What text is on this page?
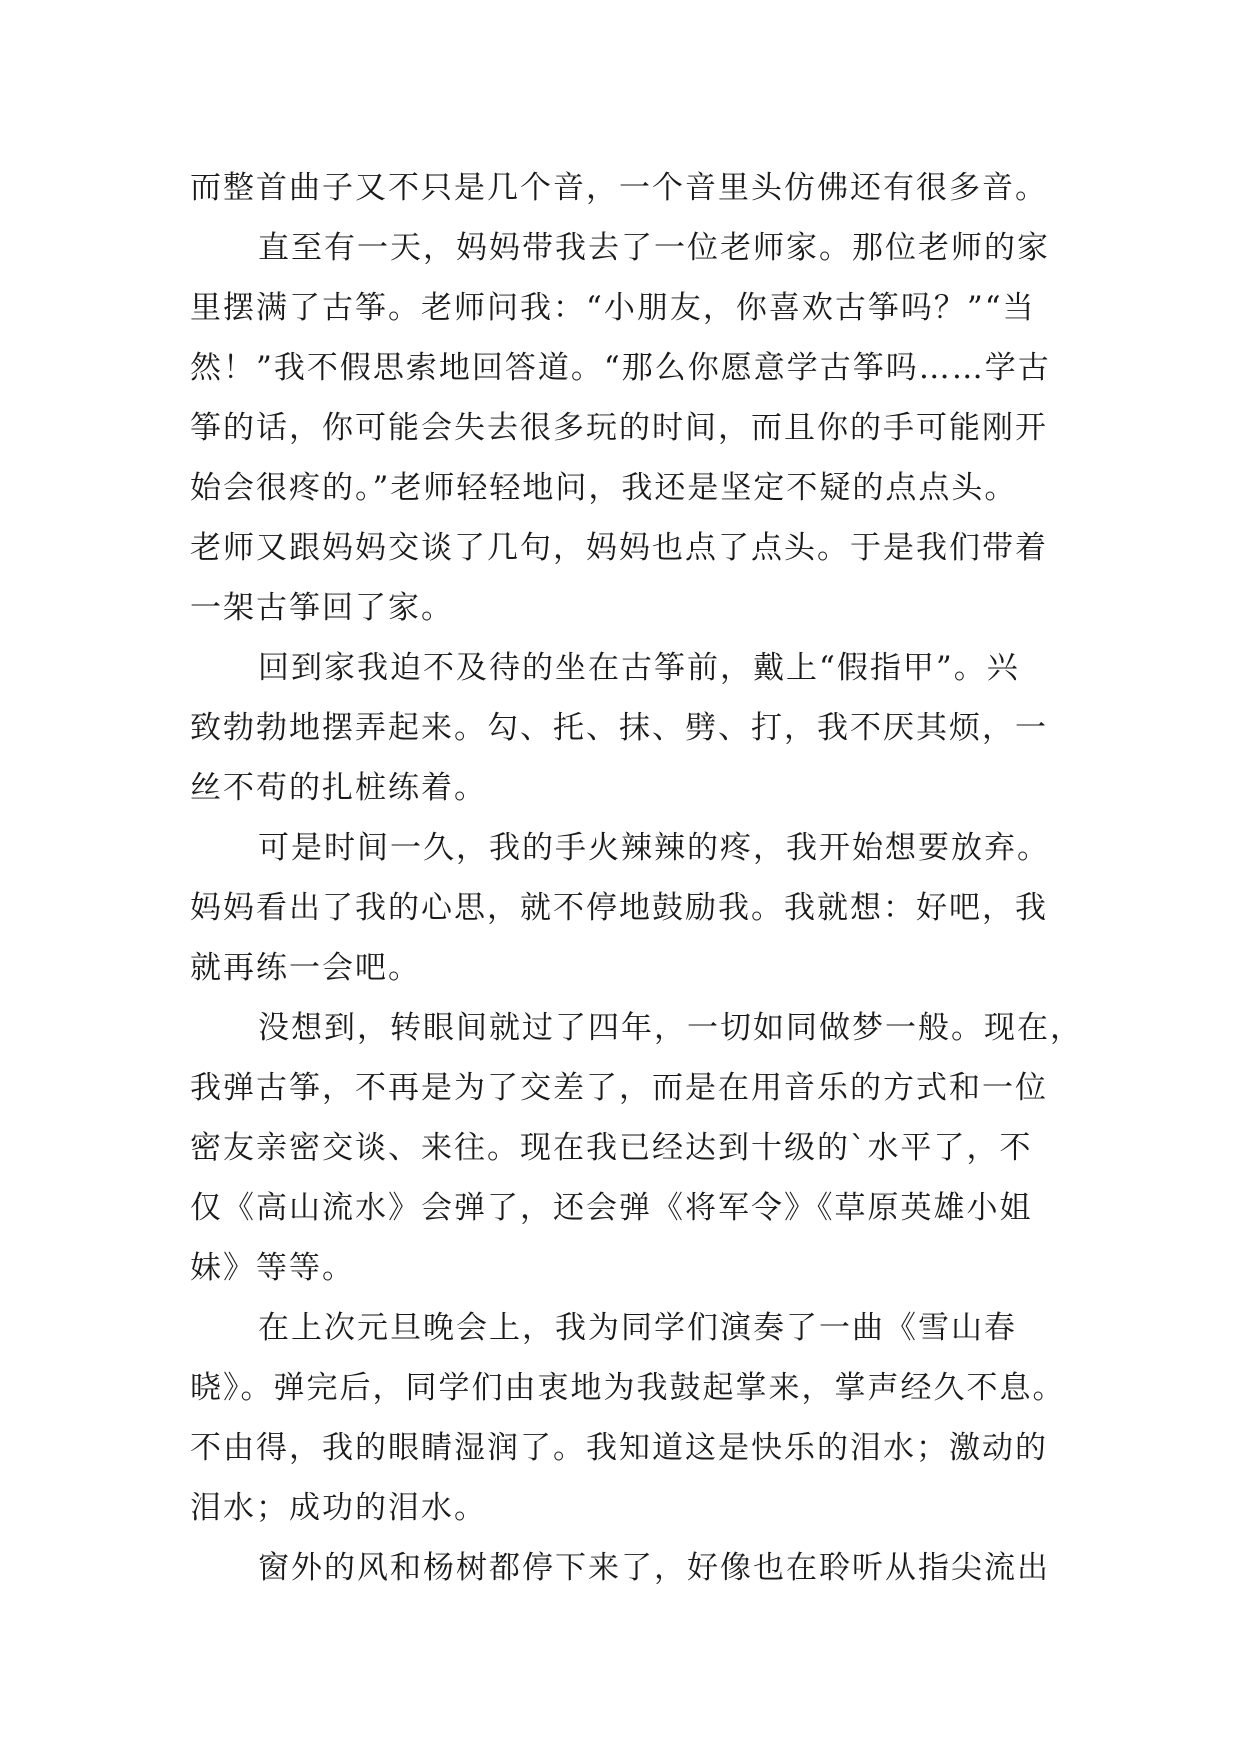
而整首曲子又不只是几个音，一个音里头仿佛还有很多音。
直至有一天，妈妈带我去了一位老师家。那位老师的家
里摆满了古筝。老师问我：“小朋友，你喜欢古筝吗？”“当
然！”我不假思索地回答道。“那么你愿意学古筝吗……学古
筝的话，你可能会失去很多玩的时间，而且你的手可能刚开
始会很疼的。”老师轻轻地问，我还是坚定不疑的点点头。
老师又跟妈妈交谈了几句，妈妈也点了点头。于是我们带着
一架古筝回了家。
回到家我迫不及待的坐在古筝前，戴上“假指甲”。兴
致勃勃地摆弄起来。勾、托、抹、劈、打，我不厌其烦，一
丝不苟的扎桩练着。
可是时间一久，我的手火辣辣的疼，我开始想要放弃。
妈妈看出了我的心思，就不停地鼓励我。我就想：好吧，我
就再练一会吧。
没想到，转眼间就过了四年，一切如同做梦一般。现在，
我弹古筝，不再是为了交差了，而是在用音乐的方式和一位
密友亲密交谈、来往。现在我已经达到十级的`水平了，不
仅《高山流水》会弹了，还会弹《将军令》《草原英雄小姐
妹》等等。
在上次元旦晚会上，我为同学们演奏了一曲《雪山春
晓》。弹完后，同学们由衷地为我鼓起掌来，掌声经久不息。
不由得，我的眼睛湿润了。我知道这是快乐的泪水；激动的
泪水；成功的泪水。
窗外的风和杨树都停下来了，好像也在聆听从指尖流出
